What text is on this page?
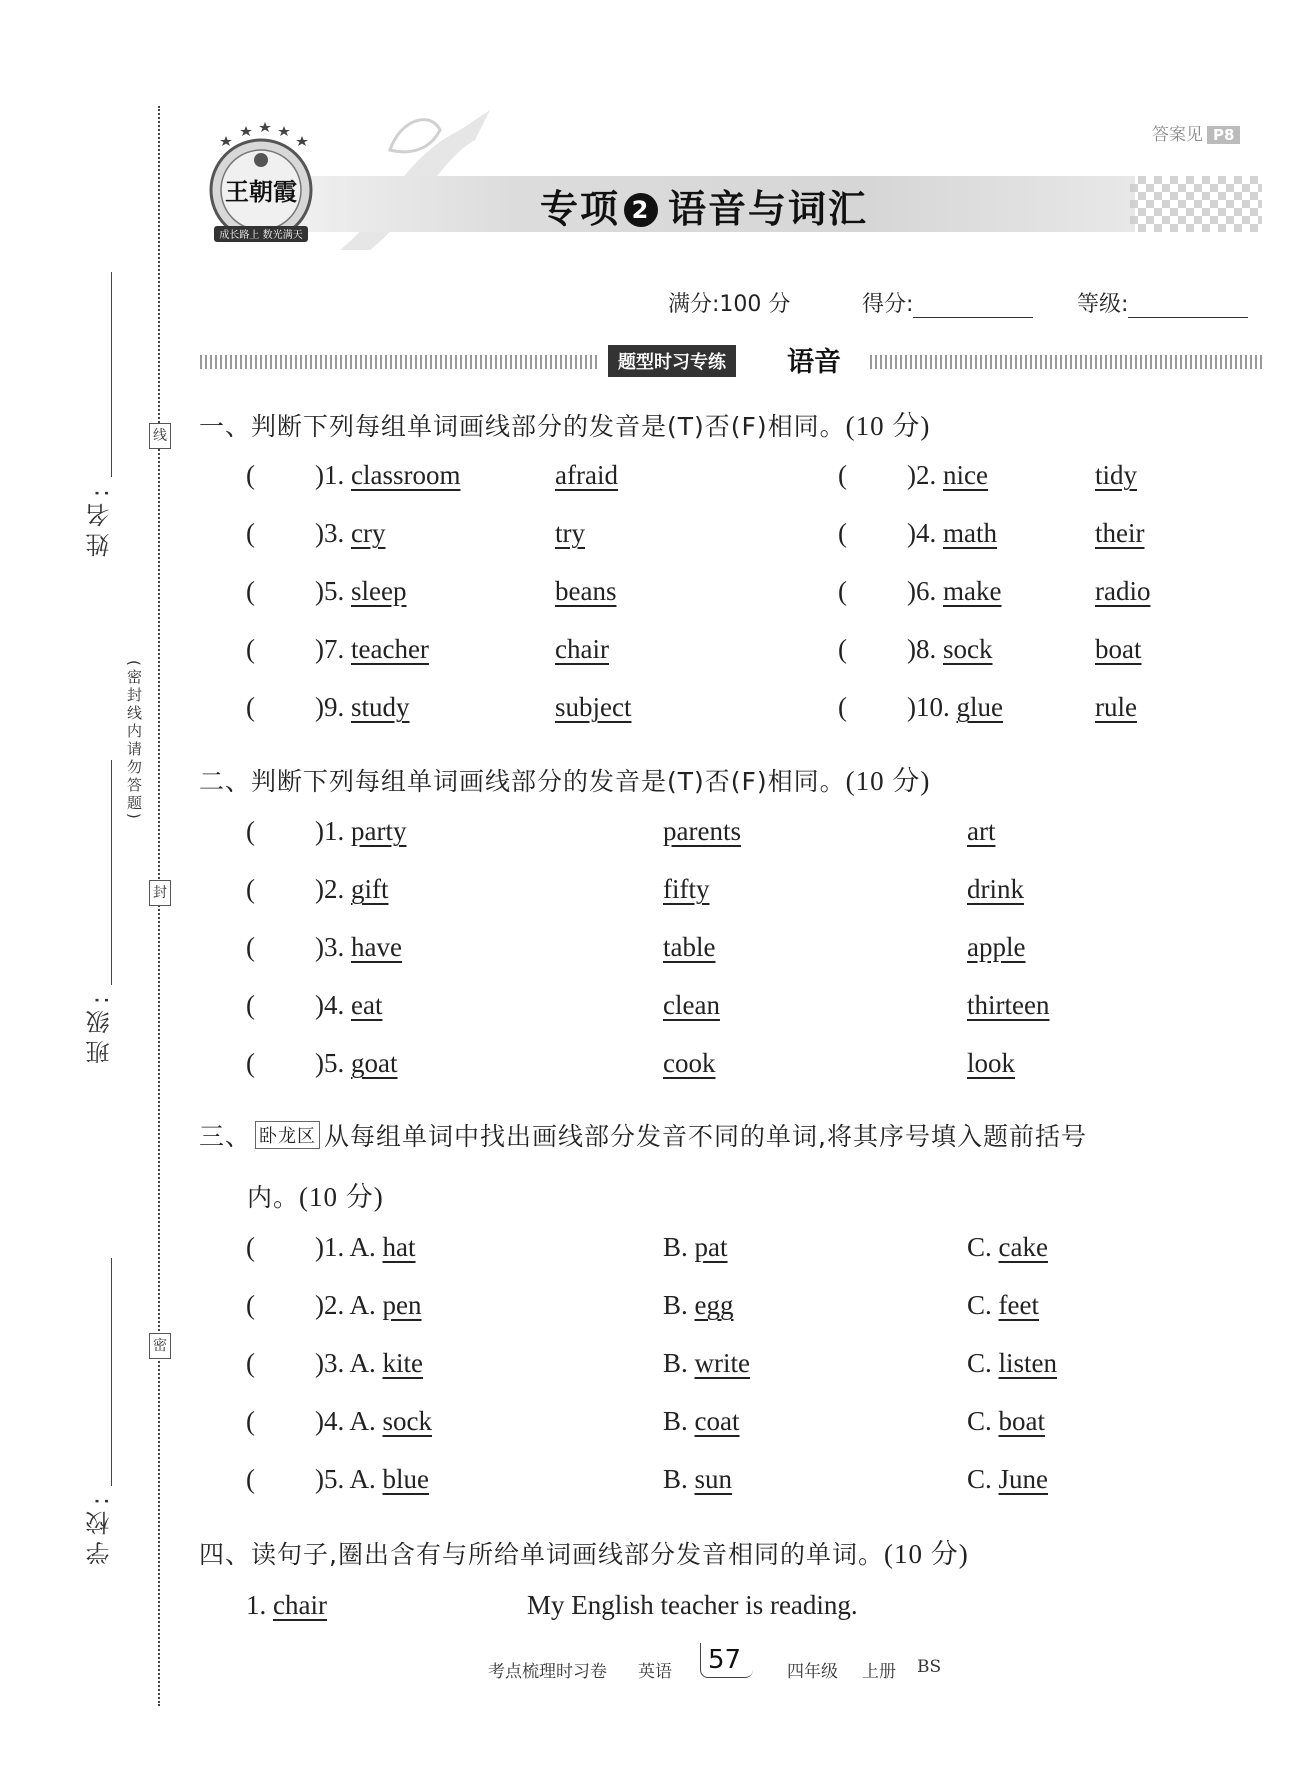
姓名:
班级:
学校:
(密封线内请勿答题)
线
封
密
答案见 P8
王朝霞
成长路上 数光满天
专项 2 语音与词汇
满分:100 分	得分:	等级:
题型时习专练	语音
一、判断下列每组单词画线部分的发音是(T)否(F)相同。(10 分)
( )1. classroom	afraid	( )2. nice	tidy
( )3. cry	try	( )4. math	their
( )5. sleep	beans	( )6. make	radio
( )7. teacher	chair	( )8. sock	boat
( )9. study	subject	( )10. glue	rule
二、判断下列每组单词画线部分的发音是(T)否(F)相同。(10 分)
( )1. party	parents	art
( )2. gift	fifty	drink
( )3. have	table	apple
( )4. eat	clean	thirteen
( )5. goat	cook	look
三、 卧龙区 从每组单词中找出画线部分发音不同的单词,将其序号填入题前括号
内。(10 分)
( )1. A. hat	B. pat	C. cake
( )2. A. pen	B. egg	C. feet
( )3. A. kite	B. write	C. listen
( )4. A. sock	B. coat	C. boat
( )5. A. blue	B. sun	C. June
四、读句子,圈出含有与所给单词画线部分发音相同的单词。(10 分)
1. chair	My English teacher is reading.
考点梳理时习卷 英语 57	四年级 上册 BS
